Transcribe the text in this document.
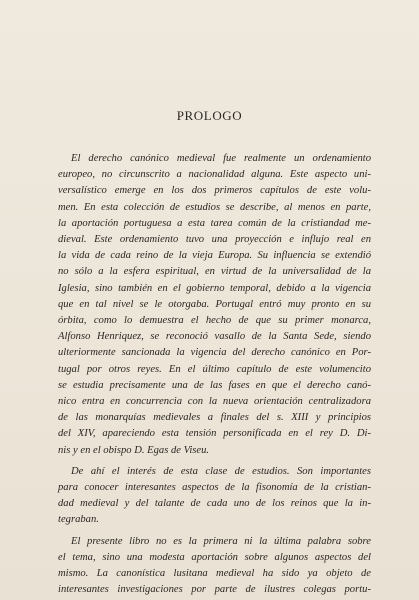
PROLOGO
El derecho canónico medieval fue realmente un ordenamiento
europeo, no circunscrito a nacionalidad alguna. Este aspecto uni-
versalístico emerge en los dos primeros capítulos de este volu-
men. En esta colección de estudios se describe, al menos en parte,
la aportación portuguesa a esta tarea común de la cristiandad me-
dieval. Este ordenamiento tuvo una proyección e influjo real en
la vida de cada reino de la vieja Europa. Su influencia se extendió
no sólo a la esfera espiritual, en virtud de la universalidad de la
Iglesia, sino también en el gobierno temporal, debido a la vigencia
que en tal nivel se le otorgaba. Portugal entró muy pronto en su
órbita, como lo demuestra el hecho de que su primer monarca,
Alfonso Henriquez, se reconoció vasallo de la Santa Sede, siendo
ulteriormente sancionada la vigencia del derecho canónico en Por-
tugal por otros reyes. En el último capítulo de este volumencito
se estudia precisamente una de las fases en que el derecho canó-
nico entra en concurrencia con la nueva orientación centralizadora
de las monarquías medievales a finales del s. XIII y principios
del XIV, apareciendo esta tensión personificada en el rey D. Di-
nis y en el obispo D. Egas de Viseu.
De ahí el interés de esta clase de estudios. Son importantes
para conocer interesantes aspectos de la fisonomía de la cristian-
dad medieval y del talante de cada uno de los reinos que la in-
tegraban.
El presente libro no es la primera ni la última palabra sobre
el tema, sino una modesta aportación sobre algunos aspectos del
mismo. La canonística lusitana medieval ha sido ya objeto de
interesantes investigaciones por parte de ilustres colegas portu-
